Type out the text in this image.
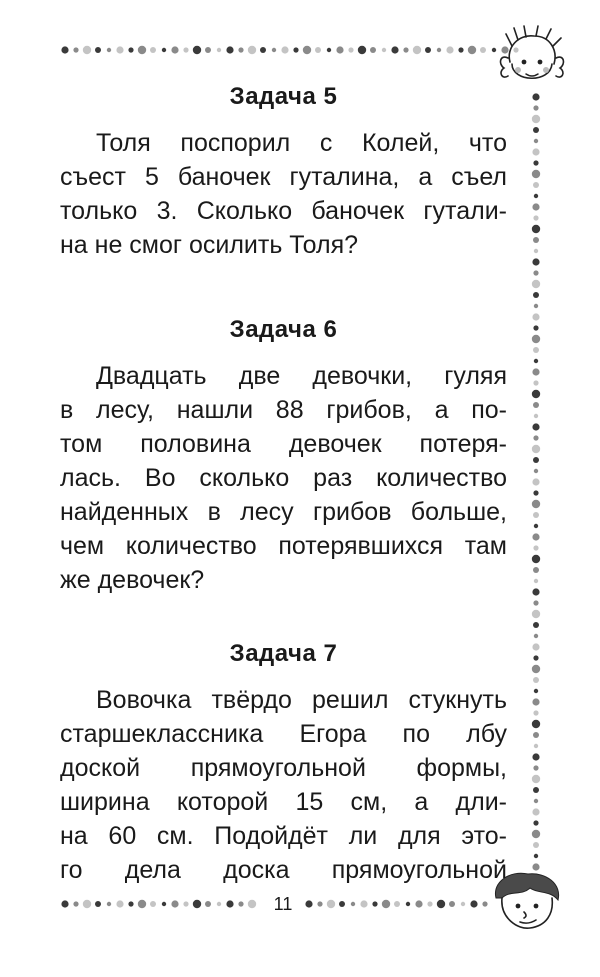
11
Задача 5

Толя поспорил с Колей, что
съест 5 баночек гуталина, а съел
только 3. Сколько баночек гутали-
на не смог осилить Толя?

Задача 6

Двадцать две девочки, гуляя
в лесу, нашли 88 грибов, а по-
том половина девочек потеря-
лась. Во сколько раз количество
найденных в лесу грибов больше,
чем количество потерявшихся там
же девочек?

Задача 7

Вовочка твёрдо решил стукнуть
старшеклассника Егора по лбу
доской прямоугольной формы,
ширина которой 15 см, а дли-
на 60 см. Подойдёт ли для это-
го дела доска прямоугольной
